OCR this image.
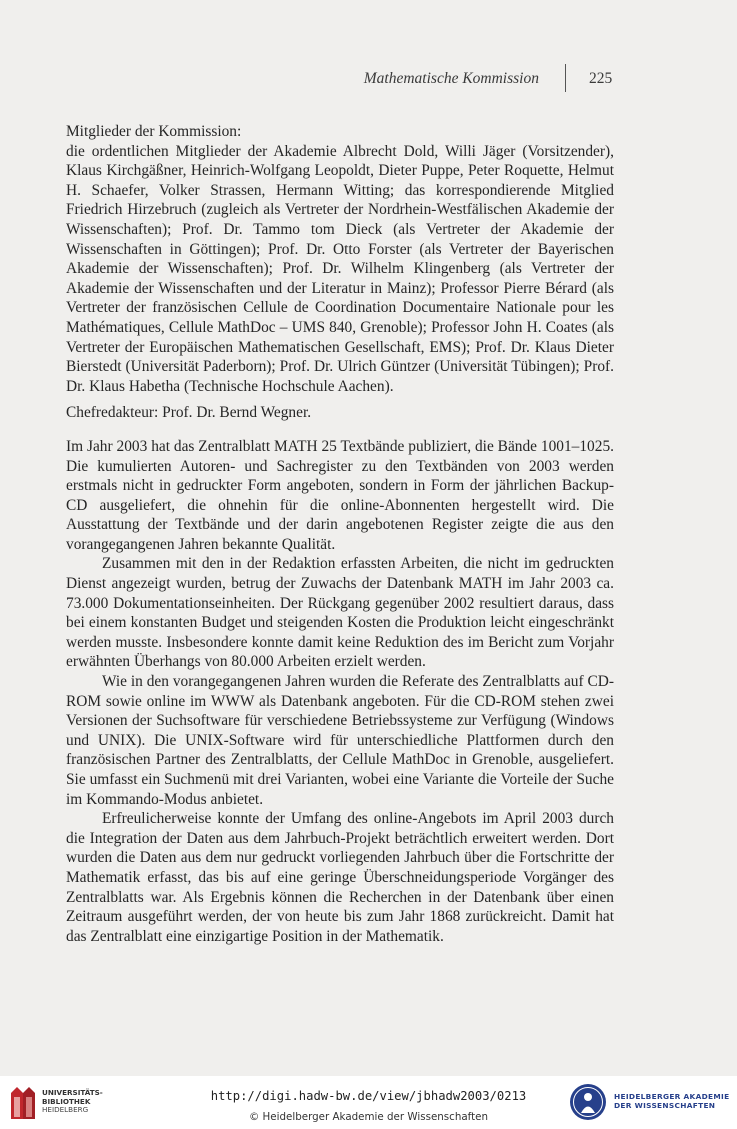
Mathematische Kommission	225

Mitglieder der Kommission:

die ordentlichen Mitglieder der Akademie Albrecht Dold, Willi Jäger (Vorsitzender), Klaus Kirchgäßner, Heinrich-Wolfgang Leopoldt, Dieter Puppe, Peter Roquette, Helmut H. Schaefer, Volker Strassen, Hermann Witting; das korrespondierende Mitglied Friedrich Hirzebruch (zugleich als Vertreter der Nordrhein-Westfälischen Akademie der Wissenschaften); Prof. Dr. Tammo tom Dieck (als Vertreter der Akademie der Wissenschaften in Göttingen); Prof. Dr. Otto Forster (als Vertreter der Bayerischen Akademie der Wissenschaften); Prof. Dr. Wilhelm Klingenberg (als Vertreter der Akademie der Wissenschaften und der Literatur in Mainz); Professor Pierre Bérard (als Vertreter der französischen Cellule de Coordination Documentaire Nationale pour les Mathématiques, Cellule MathDoc – UMS 840, Grenoble); Professor John H. Coates (als Vertreter der Europäischen Mathematischen Gesellschaft, EMS); Prof. Dr. Klaus Dieter Bierstedt (Universität Paderborn); Prof. Dr. Ulrich Güntzer (Universität Tübingen); Prof. Dr. Klaus Habetha (Technische Hochschule Aachen).

Chefredakteur: Prof. Dr. Bernd Wegner.

Im Jahr 2003 hat das Zentralblatt MATH 25 Textbände publiziert, die Bände 1001–1025. Die kumulierten Autoren- und Sachregister zu den Textbänden von 2003 werden erstmals nicht in gedruckter Form angeboten, sondern in Form der jährlichen Backup-CD ausgeliefert, die ohnehin für die online-Abonnenten hergestellt wird. Die Ausstattung der Textbände und der darin angebotenen Register zeigte die aus den vorangegangenen Jahren bekannte Qualität.

Zusammen mit den in der Redaktion erfassten Arbeiten, die nicht im gedruckten Dienst angezeigt wurden, betrug der Zuwachs der Datenbank MATH im Jahr 2003 ca. 73.000 Dokumentationseinheiten. Der Rückgang gegenüber 2002 resultiert daraus, dass bei einem konstanten Budget und steigenden Kosten die Produktion leicht eingeschränkt werden musste. Insbesondere konnte damit keine Reduktion des im Bericht zum Vorjahr erwähnten Überhangs von 80.000 Arbeiten erzielt werden.

Wie in den vorangegangenen Jahren wurden die Referate des Zentralblatts auf CD-ROM sowie online im WWW als Datenbank angeboten. Für die CD-ROM stehen zwei Versionen der Suchsoftware für verschiedene Betriebssysteme zur Verfügung (Windows und UNIX). Die UNIX-Software wird für unterschiedliche Plattformen durch den französischen Partner des Zentralblatts, der Cellule MathDoc in Grenoble, ausgeliefert. Sie umfasst ein Suchmenü mit drei Varianten, wobei eine Variante die Vorteile der Suche im Kommando-Modus anbietet.

Erfreulicherweise konnte der Umfang des online-Angebots im April 2003 durch die Integration der Daten aus dem Jahrbuch-Projekt beträchtlich erweitert werden. Dort wurden die Daten aus dem nur gedruckt vorliegenden Jahrbuch über die Fortschritte der Mathematik erfasst, das bis auf eine geringe Überschneidungsperiode Vorgänger des Zentralblatts war. Als Ergebnis können die Recherchen in der Datenbank über einen Zeitraum ausgeführt werden, der von heute bis zum Jahr 1868 zurückreicht. Damit hat das Zentralblatt eine einzigartige Position in der Mathematik.

UNIVERSITÄTS-
BIBLIOTHEK
HEIDELBERG
http://digi.hadw-bw.de/view/jbhadw2003/0213
© Heidelberger Akademie der Wissenschaften
HEIDELBERGER AKADEMIE
DER WISSENSCHAFTEN
